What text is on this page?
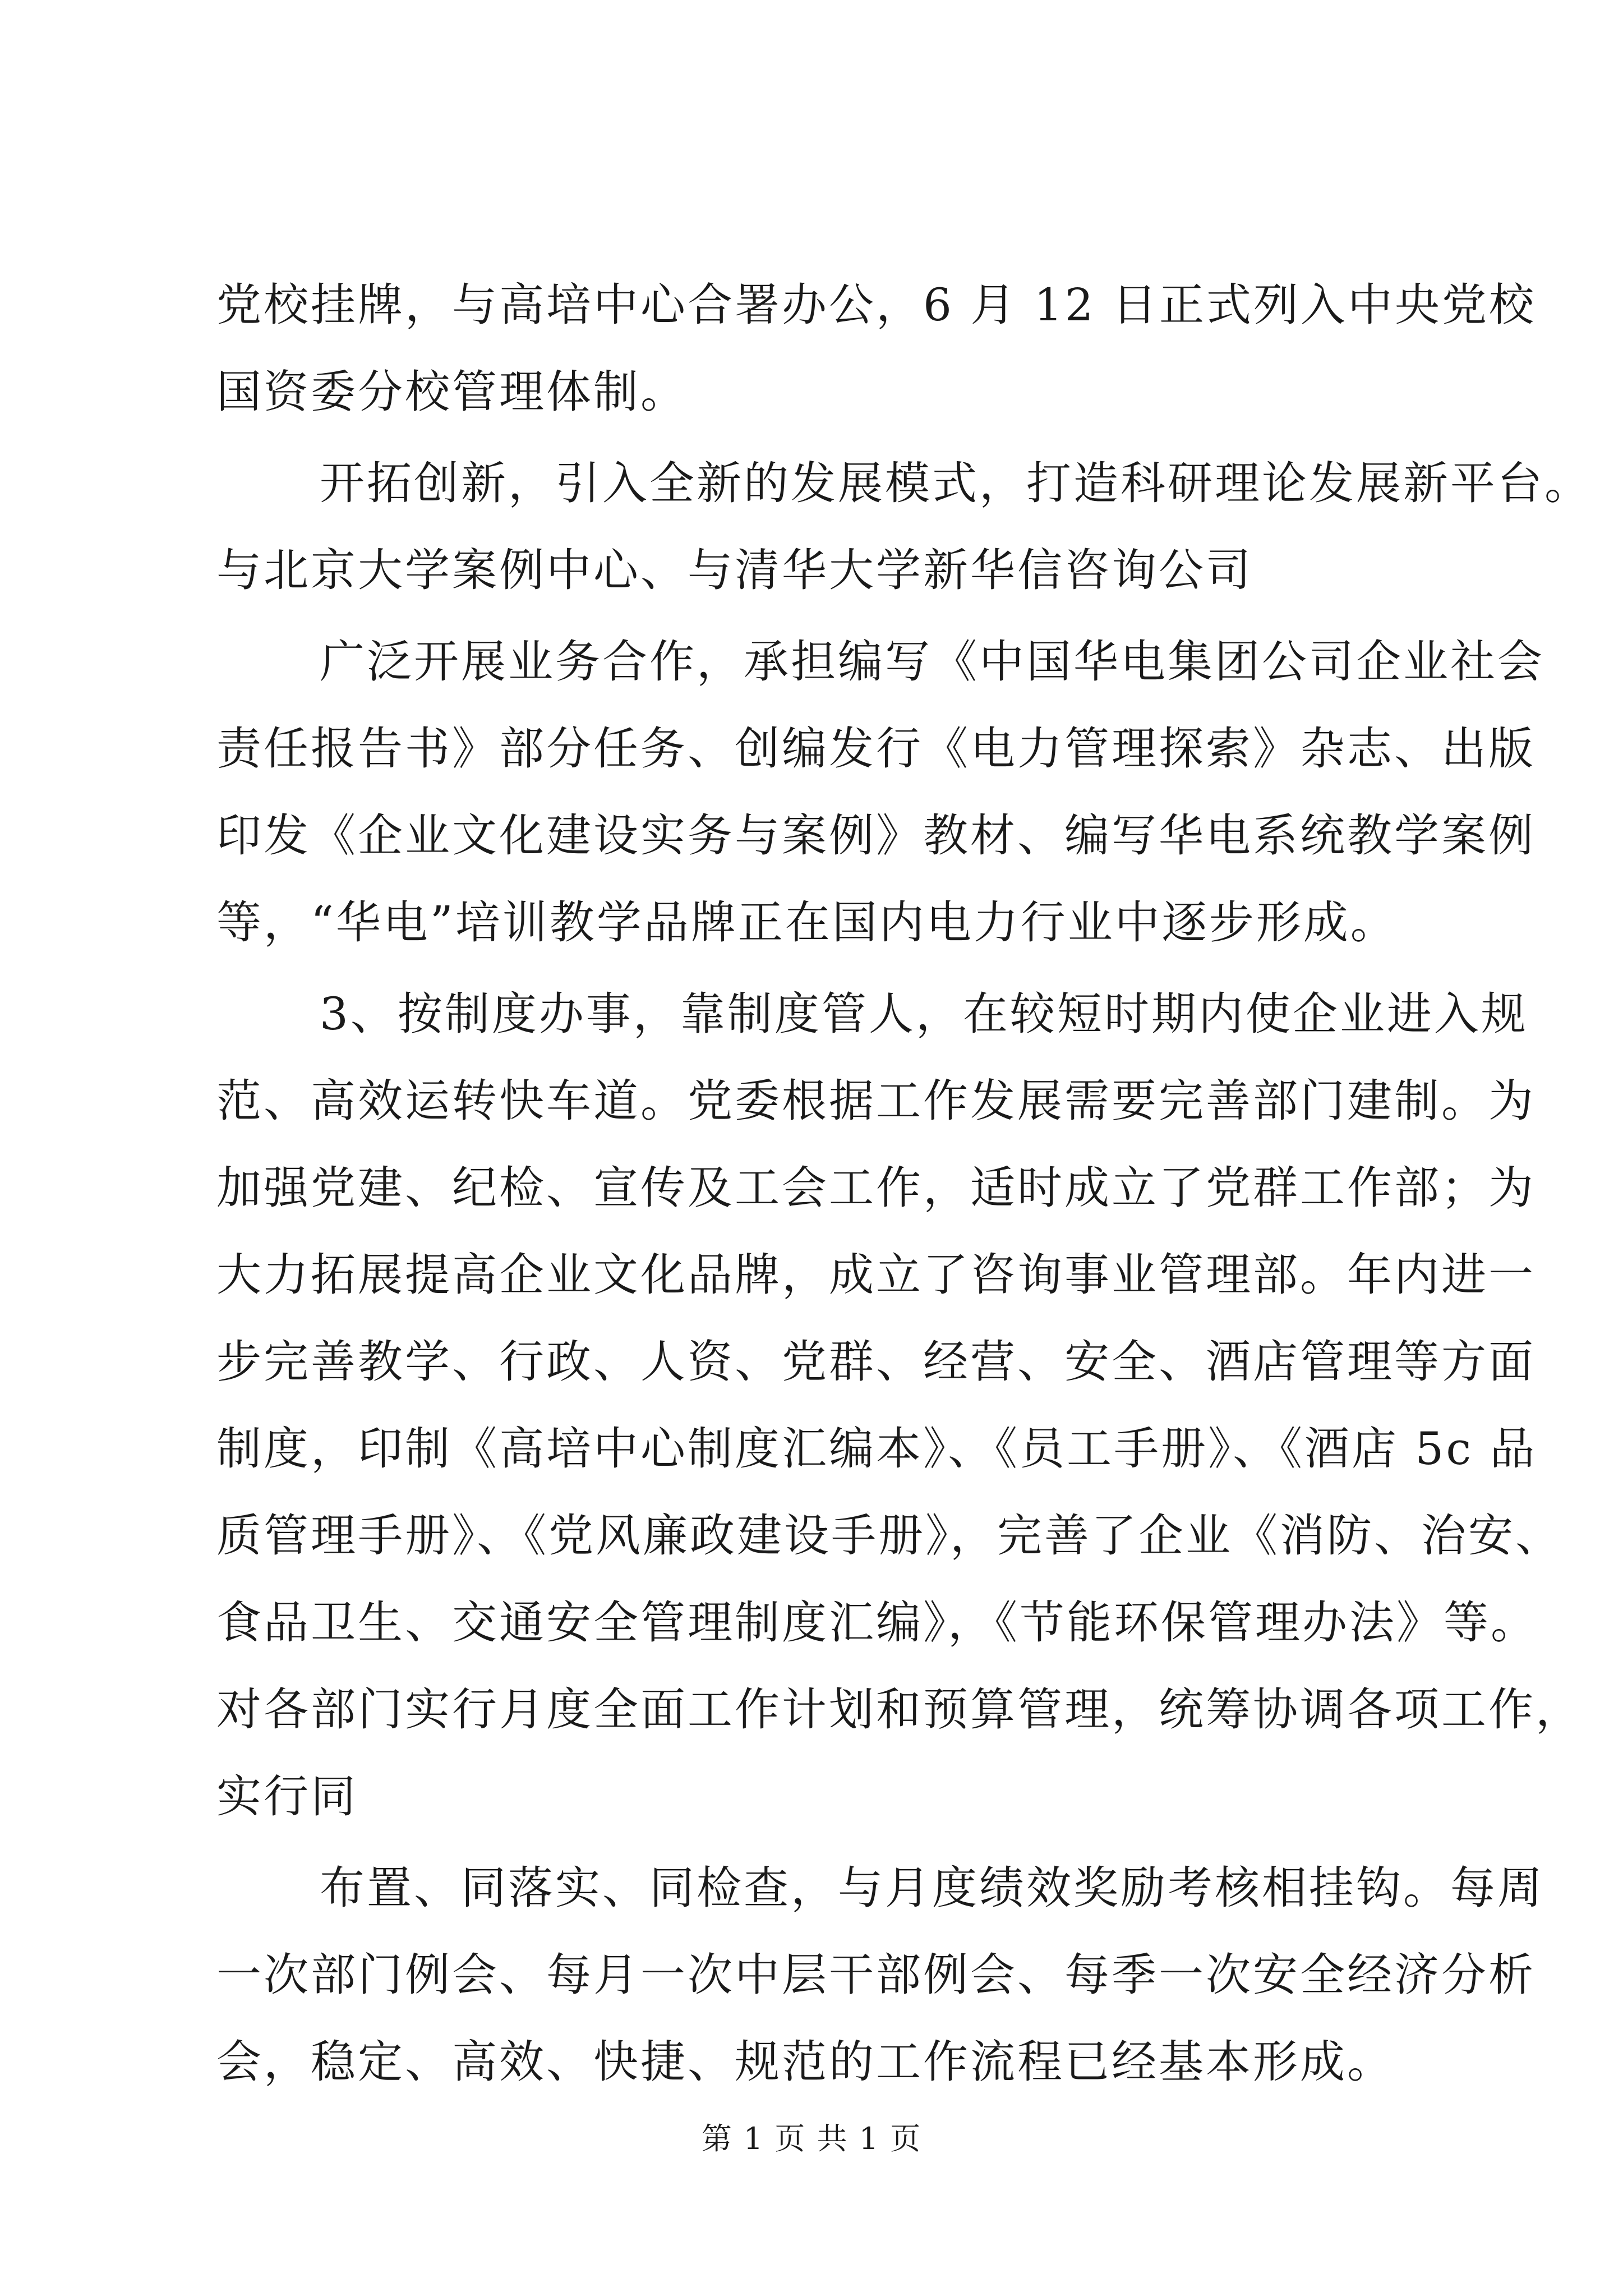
党校挂牌，与高培中心合署办公，6 月 12 日正式列入中央党校
国资委分校管理体制。
开拓创新，引入全新的发展模式，打造科研理论发展新平台。
与北京大学案例中心、与清华大学新华信咨询公司
广泛开展业务合作，承担编写《中国华电集团公司企业社会
责任报告书》部分任务、创编发行《电力管理探索》杂志、出版
印发《企业文化建设实务与案例》教材、编写华电系统教学案例
等，“华电”培训教学品牌正在国内电力行业中逐步形成。
3、按制度办事，靠制度管人，在较短时期内使企业进入规
范、高效运转快车道。党委根据工作发展需要完善部门建制。为
加强党建、纪检、宣传及工会工作，适时成立了党群工作部；为
大力拓展提高企业文化品牌，成立了咨询事业管理部。年内进一
步完善教学、行政、人资、党群、经营、安全、酒店管理等方面
制度，印制《高培中心制度汇编本》、《员工手册》、《酒店 5c 品
质管理手册》、《党风廉政建设手册》，完善了企业《消防、治安、
食品卫生、交通安全管理制度汇编》，《节能环保管理办法》等。
对各部门实行月度全面工作计划和预算管理，统筹协调各项工作，
实行同
布置、同落实、同检查，与月度绩效奖励考核相挂钩。每周
一次部门例会、每月一次中层干部例会、每季一次安全经济分析
会，稳定、高效、快捷、规范的工作流程已经基本形成。
第 1 页 共 1 页
